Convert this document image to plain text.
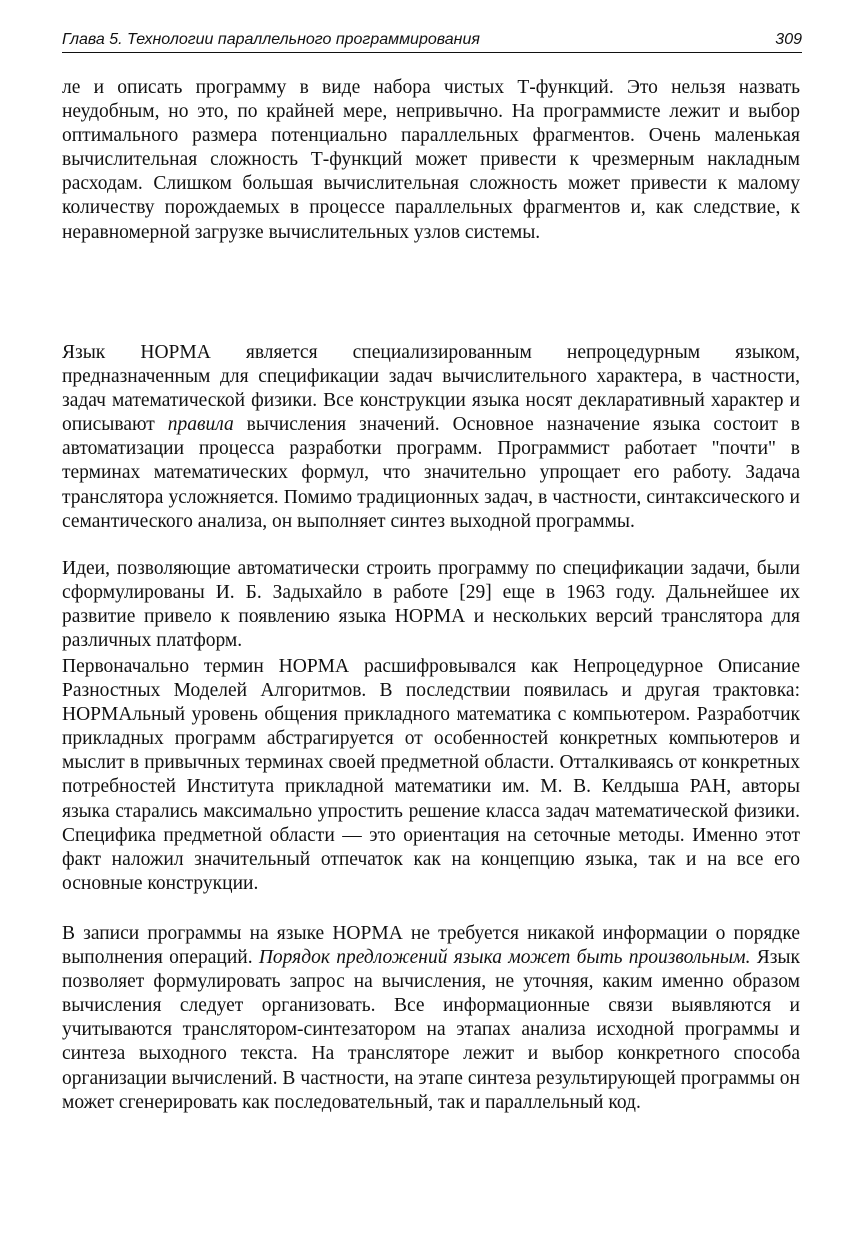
Глава 5. Технологии параллельного программирования	309

ле и описать программу в виде набора чистых Т-функций. Это нельзя назвать неудобным, но это, по крайней мере, непривычно. На программисте лежит и выбор оптимального размера потенциально параллельных фрагментов. Очень маленькая вычислительная сложность Т-функций может привести к чрезмерным накладным расходам. Слишком большая вычислительная сложность может привести к малому количеству порождаемых в процессе параллельных фрагментов и, как следствие, к неравномерной загрузке вычислительных узлов системы.

Язык НОРМА является специализированным непроцедурным языком, предназначенным для спецификации задач вычислительного характера, в частности, задач математической физики. Все конструкции языка носят декларативный характер и описывают правила вычисления значений. Основное назначение языка состоит в автоматизации процесса разработки программ. Программист работает "почти" в терминах математических формул, что значительно упрощает его работу. Задача транслятора усложняется. Помимо традиционных задач, в частности, синтаксического и семантического анализа, он выполняет синтез выходной программы.

Идеи, позволяющие автоматически строить программу по спецификации задачи, были сформулированы И. Б. Задыхайло в работе [29] еще в 1963 году. Дальнейшее их развитие привело к появлению языка НОРМА и нескольких версий транслятора для различных платформ.

Первоначально термин НОРМА расшифровывался как Непроцедурное Описание Разностных Моделей Алгоритмов. В последствии появилась и другая трактовка: НОРМАльный уровень общения прикладного математика с компьютером. Разработчик прикладных программ абстрагируется от особенностей конкретных компьютеров и мыслит в привычных терминах своей предметной области. Отталкиваясь от конкретных потребностей Института прикладной математики им. М. В. Келдыша РАН, авторы языка старались максимально упростить решение класса задач математической физики. Специфика предметной области — это ориентация на сеточные методы. Именно этот факт наложил значительный отпечаток как на концепцию языка, так и на все его основные конструкции.

В записи программы на языке НОРМА не требуется никакой информации о порядке выполнения операций. Порядок предложений языка может быть произвольным. Язык позволяет формулировать запрос на вычисления, не уточняя, каким именно образом вычисления следует организовать. Все информационные связи выявляются и учитываются транслятором-синтезатором на этапах анализа исходной программы и синтеза выходного текста. На трансляторе лежит и выбор конкретного способа организации вычислений. В частности, на этапе синтеза результирующей программы он может сгенерировать как последовательный, так и параллельный код.
